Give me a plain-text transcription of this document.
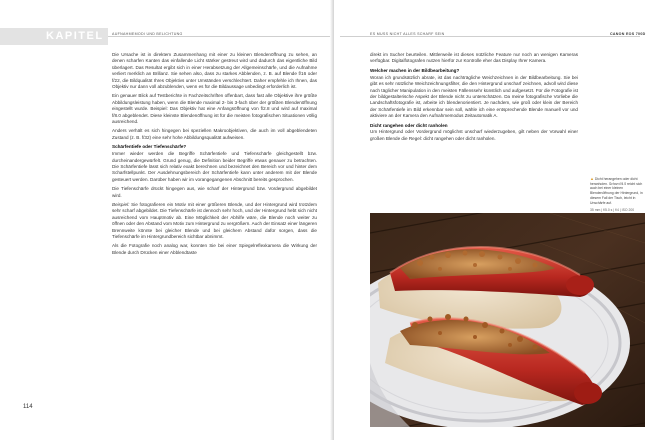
KAPITEL 4
AUFNAHMEMODI UND BELICHTUNG

Die Ursache ist in direktem Zusammenhang mit einer zu kleinen Blendenöffnung zu sehen, an denen scharfen Kanten das einfallende Licht stärker gestreut wird und dadurch das eigentliche Bild überlagert. Das Resultat ergibt sich in einer Herabsetzung der Allgemeinschärfe, und die Aufnahme verliert merklich an Brillanz. Sie sehen also, dass zu starkes Abblenden, z. B. auf Blende f/16 oder f/22, die Bildqualität Ihres Objektivs unter Umständen verschlechtert. Daher empfehle ich Ihnen, das Objektiv nur dann voll abzublenden, wenn es für die Bildaussage unbedingt erforderlich ist.

Ein genauer Blick auf Testberichte in Fachzeitschriften offenbart, dass fast alle Objektive ihre größte Abbildungsleistung haben, wenn die Blende maximal 2- bis 3-fach über der größten Blendenöffnung eingestellt wurde. Beispiel: Das Objektiv hat eine Anfangsöffnung von f/2.8 und wird auf maximal f/8.0 abgeblendet. Diese kleinste Blendenöffnung ist für die meisten fotografischen Situationen völlig ausreichend.

Anders verhält es sich hingegen bei speziellen Makroobjektiven, die auch im voll abgeblendeten Zustand (z. B. f/32) eine sehr hohe Abbildungsqualität aufweisen.

Schärfentiefe oder Tiefenschärfe?

Immer wieder werden die Begriffe Schärfentiefe und Tiefenschärfe gleichgestellt bzw. durcheinandergewürfelt. Grund genug, die Definition beider Begriffe etwas genauer zu betrachten. Die Schärfentiefe lässt sich relativ exakt berechnen und bezeichnet den Bereich vor und hinter dem Scharfstellpunkt. Der Ausdehnungsbereich der Schärfentiefe kann unter anderem mit der Blende gesteuert werden. Darüber haben wir im vorangegangenen Abschnitt bereits gesprochen.

Die Tiefenschärfe drückt hingegen aus, wie scharf der Hintergrund bzw. Vordergrund abgebildet wird.

Beispiel: Sie fotografieren ein Motiv mit einer größeren Blende, und der Hintergrund wird trotzdem sehr scharf abgebildet. Die Tiefenschärfe ist dennoch sehr hoch, und der Hintergrund hebt sich nicht ausreichend vom Hauptmotiv ab. Eine Möglichkeit der Abhilfe wäre, die Blende noch weiter zu öffnen oder den Abstand vom Motiv zum Hintergrund zu vergrößern. Auch der Einsatz einer längeren Brennweite könnte bei gleicher Blende und bei gleichem Abstand dafür sorgen, dass die Tiefenschärfe im Hintergrundbereich sichtbar abnimmt.

Als die Fotografie noch analog war, konnten Sie bei einer Spiegelreflexkamera die Wirkung der Blende durch Drücken einer Abblendtaste

114
ES MUSS NICHT ALLES SCHARF SEIN	CANON EOS 700D

direkt im Sucher beurteilen. Mittlerweile ist dieses nützliche Feature nur noch an wenigen Kameras verfügbar. Digitalfotografen nutzen hierfür zur Kontrolle eher das Display Ihrer Kamera.

Welcher machen in der Bildbearbeitung?

Woran ich grundsätzlich abrate, ist das nachträgliche Weichzeichnen in der Bildbearbeitung. Sie bei gibt es sehr nützliche Weichzeichnungsfilter, die den Hintergrund unscharf zeichnen, advoll wird diese nach täglicher Manipulation in den meisten Fällenssehr künstlich und aufgesetzt. Für die Fotografie ist der bildgestalterische Aspekt der Blende nicht zu unterschätzen. Da meine fotografische Vorliebe die Landschaftsfotografie ist, arbeite ich blendenorientiert. Je nachdem, wie groß oder klein der Bereich der Schärfentiefe im Bild erkennbar sein soll, wähle ich eine entsprechende Blende manuell vor und aktiviere an der Kamera den Aufnahmemodus Zeitautomatik A.

Dicht rangehen oder dicht ranholen

Um Hintergrund oder Vordergrund möglichst unscharf wiederzugeben, gilt neben der Vorwahl einer großen Blende die Regel: dicht rangehen oder dicht ranholen.

▲ Dicht herangehen oder dicht heranholen. Schon f/4.5 reicht sich auch bei einer kleinen Blendenöffnung der Hintergrund, in diesem Fall der Tisch, leicht in Unschärfe auf.
35 mm | f/5.0 s | f/4 | ISO 200
